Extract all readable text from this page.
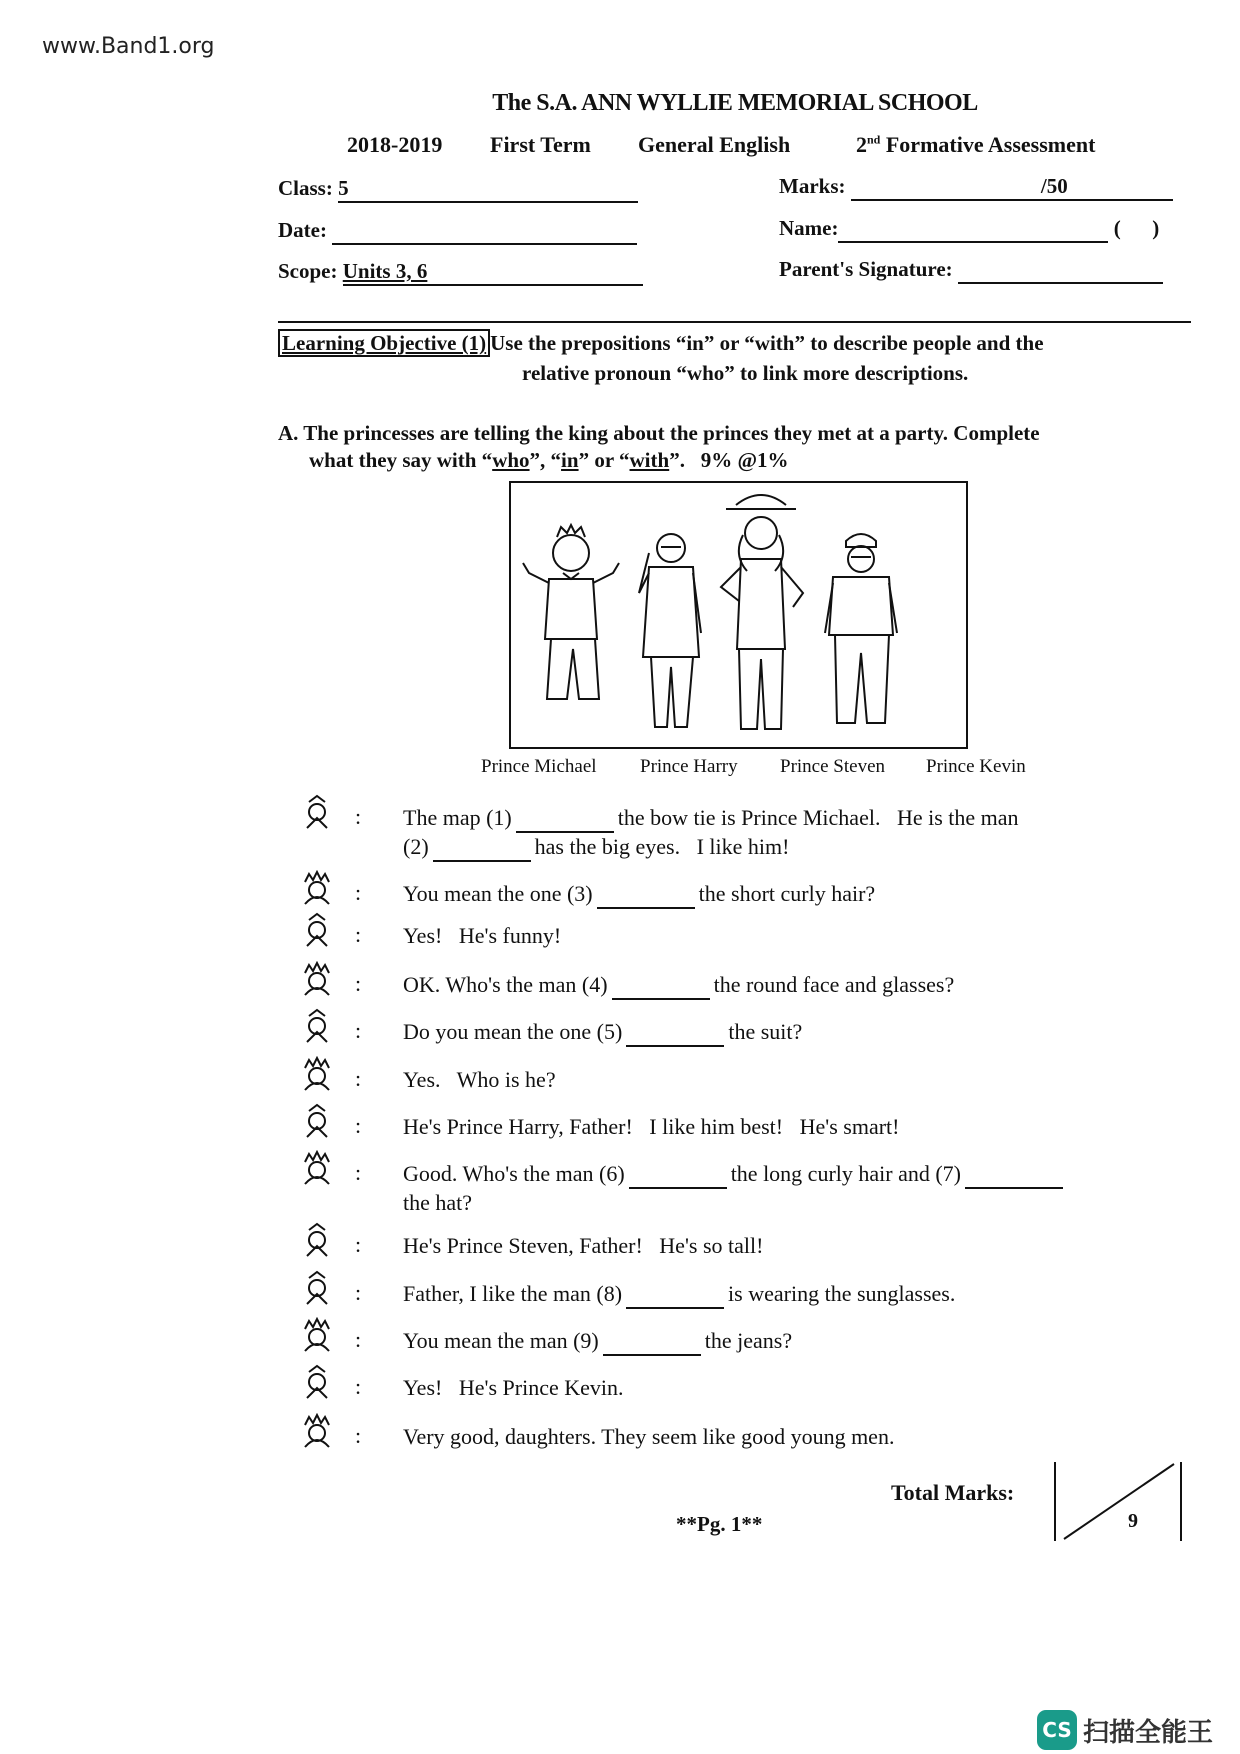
www.Band1.org
The S.A. ANN WYLLIE MEMORIAL SCHOOL
2018-2019 First Term General English	2nd Formative Assessment
Class: 5
Date:
Scope: Units 3, 6
Marks:	/50
Name:	(      )
Parent's Signature:
Learning Objective (1) Use the prepositions “in” or “with” to describe people and the
relative pronoun “who” to link more descriptions.
A. The princesses are telling the king about the princes they met at a party. Complete
what they say with “who”, “in” or “with”.   9% @1%
Prince Michael Prince Harry Prince Steven Prince Kevin
: The map (1)	the bow tie is Prince Michael.   He is the man
(2)	has the big eyes.   I like him!
: You mean the one (3)	the short curly hair?
: Yes!   He's funny!
: OK. Who's the man (4)	the round face and glasses?
: Do you mean the one (5)	the suit?
: Yes.   Who is he?
: He's Prince Harry, Father!   I like him best!   He's smart!
: Good. Who's the man (6)	the long curly hair and (7)
the hat?
: He's Prince Steven, Father!   He's so tall!
: Father, I like the man (8)	is wearing the sunglasses.
: You mean the man (9)	the jeans?
: Yes!   He's Prince Kevin.
: Very good, daughters. They seem like good young men.
Total Marks:
9
**Pg. 1**
CS 扫描全能王
